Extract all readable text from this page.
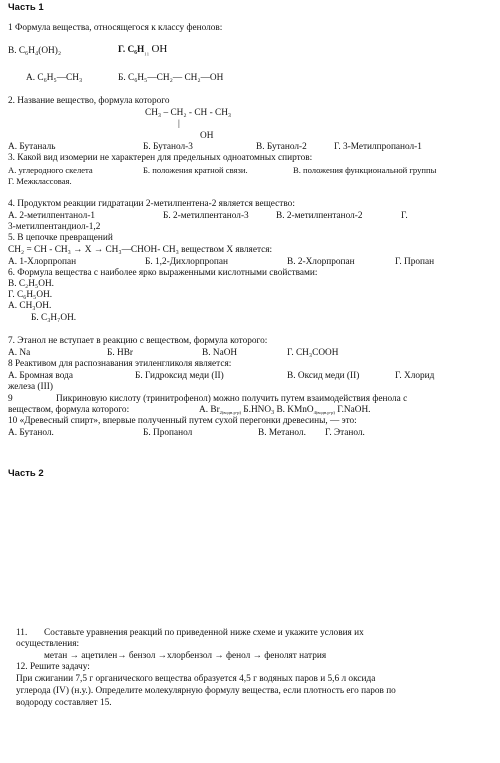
Часть 1
1 Формула вещества, относящегося к классу фенолов:
В. C₆H₄(OH)₂	Г. $C_6H_{_{11}}$ OH
А. C₆H₅—CH₃	Б. C₆H₅—CH₂— CH₂—OH
2. Название вещество, формула которого
CH₃ – CH₂ - CH - CH₃
|
OH
А. Бутаналь	Б. Бутанол-3	В. Бутанол-2	Г. 3-Метилпропанол-1
3. Какой вид изомерии не характерен для предельных одноатомных спиртов:
А. углеродного скелета	Б. положения кратной связи.	В. положения функциональной группы
Г. Межклассовая.
4. Продуктом реакции гидратации 2-метилпентена-2 является вещество:
А. 2-метилпентанол-1	Б. 2-метилпентанол-3	В. 2-метилпентанол-2	Г.
3-метилпентандиол-1,2
5. В цепочке превращений
CH₂ = CH - CH₃ → X → CH₃—CHOH- CH₃ веществом X является:
А. 1-Хлорпропан	Б. 1,2-Дихлорпропан	В. 2-Хлорпропан	Г. Пропан
6. Формула вещества с наиболее ярко выраженными кислотными свойствами:
В. C₂H₅OH.
Г. C₆H₅OH.
А. CH₃OH.
Б. C₃H₇OH.
7. Этанол не вступает в реакцию с веществом, формула которого:
А. Na	Б. HBr	В. NaOH	Г. CH₃COOH
8 Реактивом для распознавания этиленгликоля является:
А. Бромная вода	Б. Гидроксид меди (II)	В. Оксид меди (II)	Г. Хлорид
железа (III)
9	Пикриновую кислоту (тринитрофенол) можно получить путем взаимодействия фенола с
веществом, формула которого:	А. $Br_{2(водн.р-р)}$ $Б.HNO_3$ В. KMnO$_{4(водн.р-р)}$ Г.NaOH.
10 «Древесный спирт», впервые полученный путем сухой перегонки древесины, — это:
А. Бутанол.	Б. Пропанол	В. Метанол. Г. Этанол.
Часть 2
11. Составьте уравнения реакций по приведенной ниже схеме и укажите условия их
осуществления:
метан → ацетилен→ бензол →хлорбензол → фенол → фенолят натрия
12. Решите задачу:
При сжигании 7,5 г органического вещества образуется 4,5 г водяных паров и 5,6 л оксида
углерода (IV) (н.у.). Определите молекулярную формулу вещества, если плотность его паров по
водороду составляет 15.
